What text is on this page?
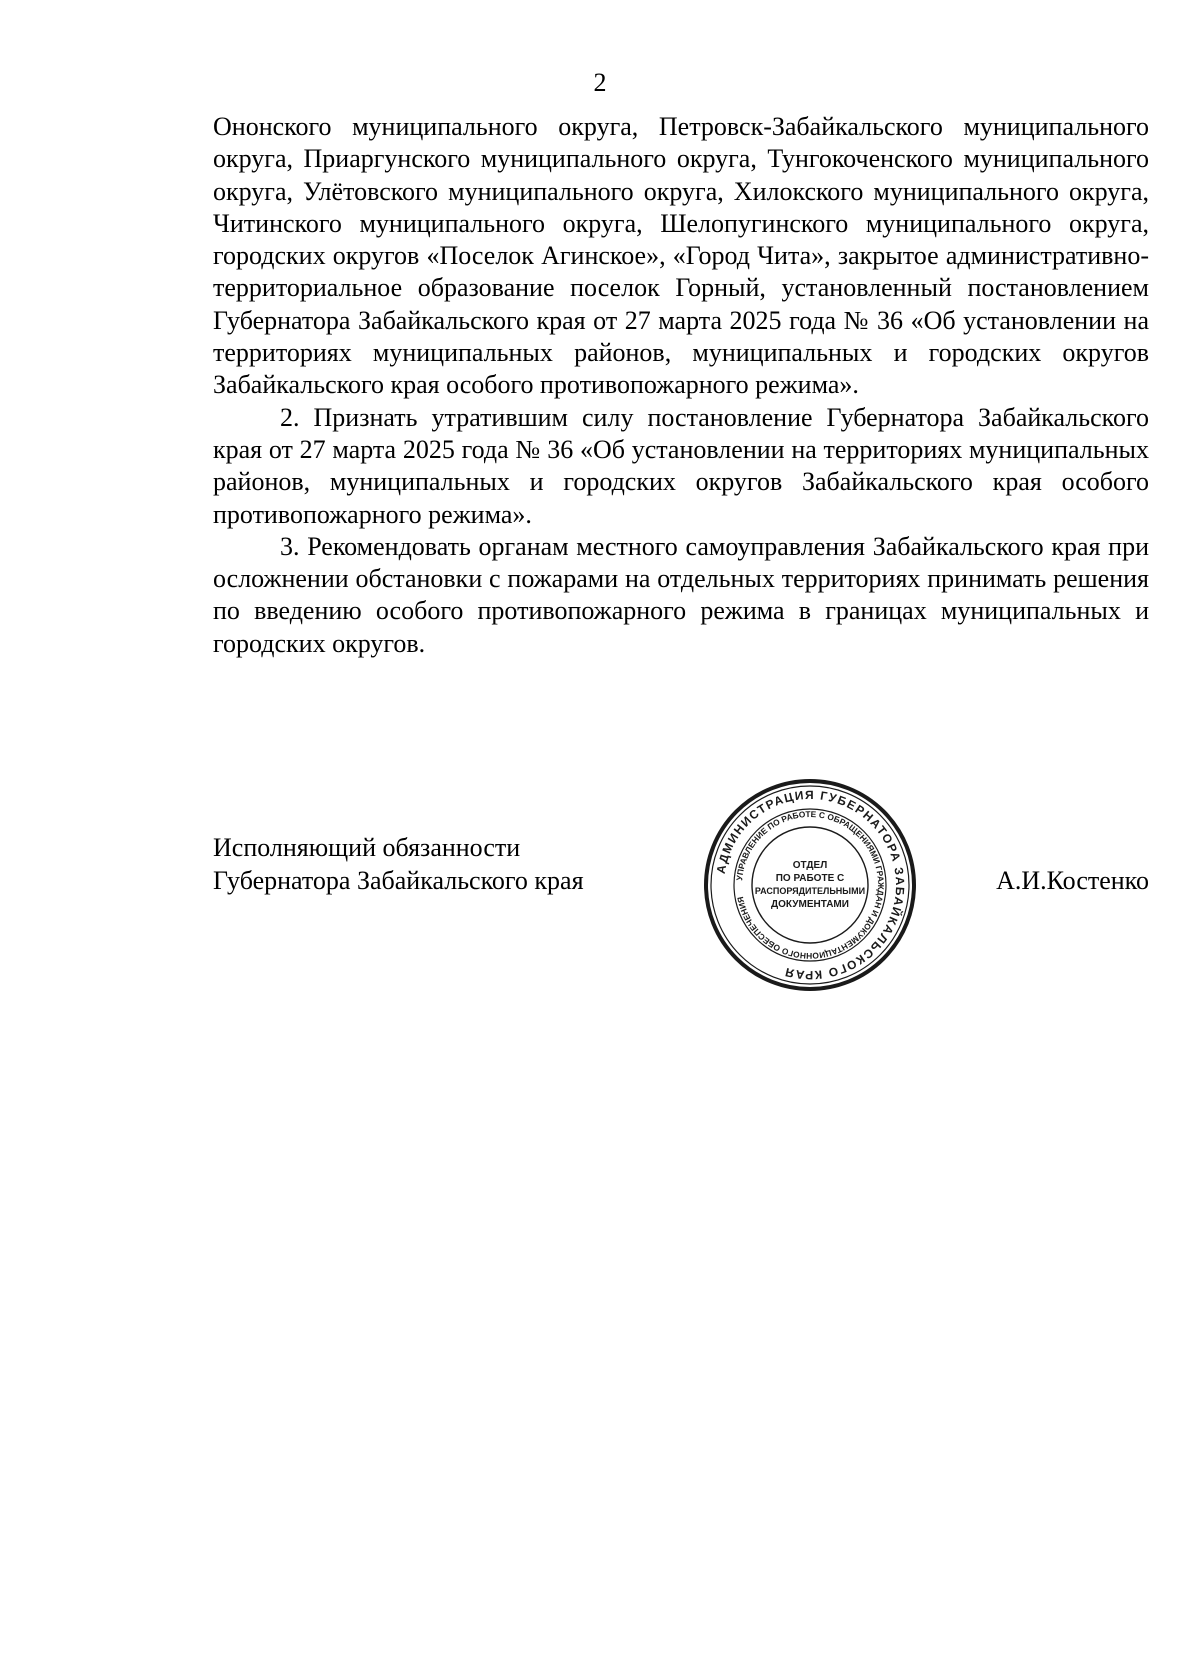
2

Ононского муниципального округа, Петровск-Забайкальского муниципального округа, Приаргунского муниципального округа, Тунгокоченского муниципального округа, Улётовского муниципального округа, Хилокского муниципального округа, Читинского муниципального округа, Шелопугинского муниципального округа, городских округов «Поселок Агинское», «Город Чита», закрытое административно-территориальное образование поселок Горный, установленный постановлением Губернатора Забайкальского края от 27 марта 2025 года № 36 «Об установлении на территориях муниципальных районов, муниципальных и городских округов Забайкальского края особого противопожарного режима».

2. Признать утратившим силу постановление Губернатора Забайкальского края от 27 марта 2025 года № 36 «Об установлении на территориях муниципальных районов, муниципальных и городских округов Забайкальского края особого противопожарного режима».

3. Рекомендовать органам местного самоуправления Забайкальского края при осложнении обстановки с пожарами на отдельных территориях принимать решения по введению особого противопожарного режима в границах муниципальных и городских округов.

Исполняющий обязанности
Губернатора Забайкальского края	АДМИНИСТРАЦИЯ ГУБЕРНАТОРА ЗАБАЙКАЛЬСКОГО КРАЯ
УПРАВЛЕНИЕ ПО РАБОТЕ С ОБРАЩЕНИЯМИ ГРАЖДАН И ДОКУМЕНТАЦИОННОГО ОБЕСПЕЧЕНИЯ
ОТДЕЛ
ПО РАБОТЕ С
РАСПОРЯДИТЕЛЬНЫМИ
ДОКУМЕНТАМИ
А.И.Костенко
